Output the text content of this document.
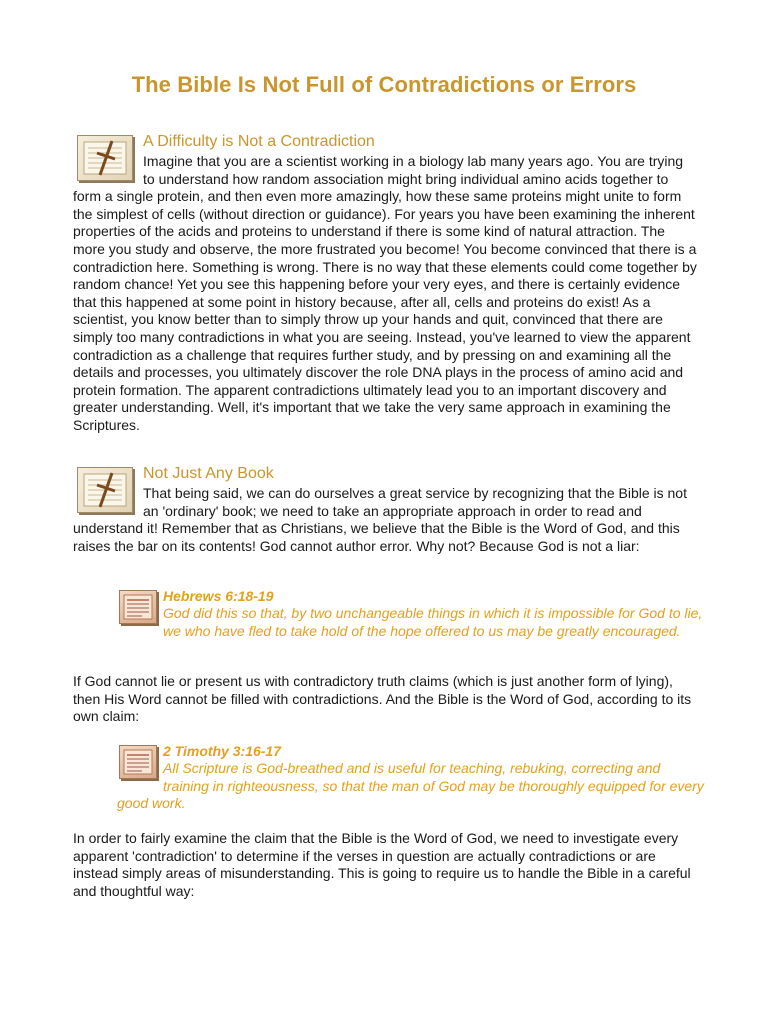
The Bible Is Not Full of Contradictions or Errors
A Difficulty is Not a Contradiction

Imagine that you are a scientist working in a biology lab many years ago. You are trying to understand how random association might bring individual amino acids together to form a single protein, and then even more amazingly, how these same proteins might unite to form the simplest of cells (without direction or guidance). For years you have been examining the inherent properties of the acids and proteins to understand if there is some kind of natural attraction. The more you study and observe, the more frustrated you become! You become convinced that there is a contradiction here. Something is wrong. There is no way that these elements could come together by random chance! Yet you see this happening before your very eyes, and there is certainly evidence that this happened at some point in history because, after all, cells and proteins do exist! As a scientist, you know better than to simply throw up your hands and quit, convinced that there are simply too many contradictions in what you are seeing. Instead, you've learned to view the apparent contradiction as a challenge that requires further study, and by pressing on and examining all the details and processes, you ultimately discover the role DNA plays in the process of amino acid and protein formation. The apparent contradictions ultimately lead you to an important discovery and greater understanding. Well, it's important that we take the very same approach in examining the Scriptures.

Not Just Any Book

That being said, we can do ourselves a great service by recognizing that the Bible is not an 'ordinary' book; we need to take an appropriate approach in order to read and understand it! Remember that as Christians, we believe that the Bible is the Word of God, and this raises the bar on its contents! God cannot author error. Why not? Because God is not a liar:

Hebrews 6:18-19

God did this so that, by two unchangeable things in which it is impossible for God to lie, we who have fled to take hold of the hope offered to us may be greatly encouraged.

If God cannot lie or present us with contradictory truth claims (which is just another form of lying), then His Word cannot be filled with contradictions. And the Bible is the Word of God, according to its own claim:

2 Timothy 3:16-17

All Scripture is God-breathed and is useful for teaching, rebuking, correcting and training in righteousness, so that the man of God may be thoroughly equipped for every good work.

In order to fairly examine the claim that the Bible is the Word of God, we need to investigate every apparent 'contradiction' to determine if the verses in question are actually contradictions or are instead simply areas of misunderstanding. This is going to require us to handle the Bible in a careful and thoughtful way:
